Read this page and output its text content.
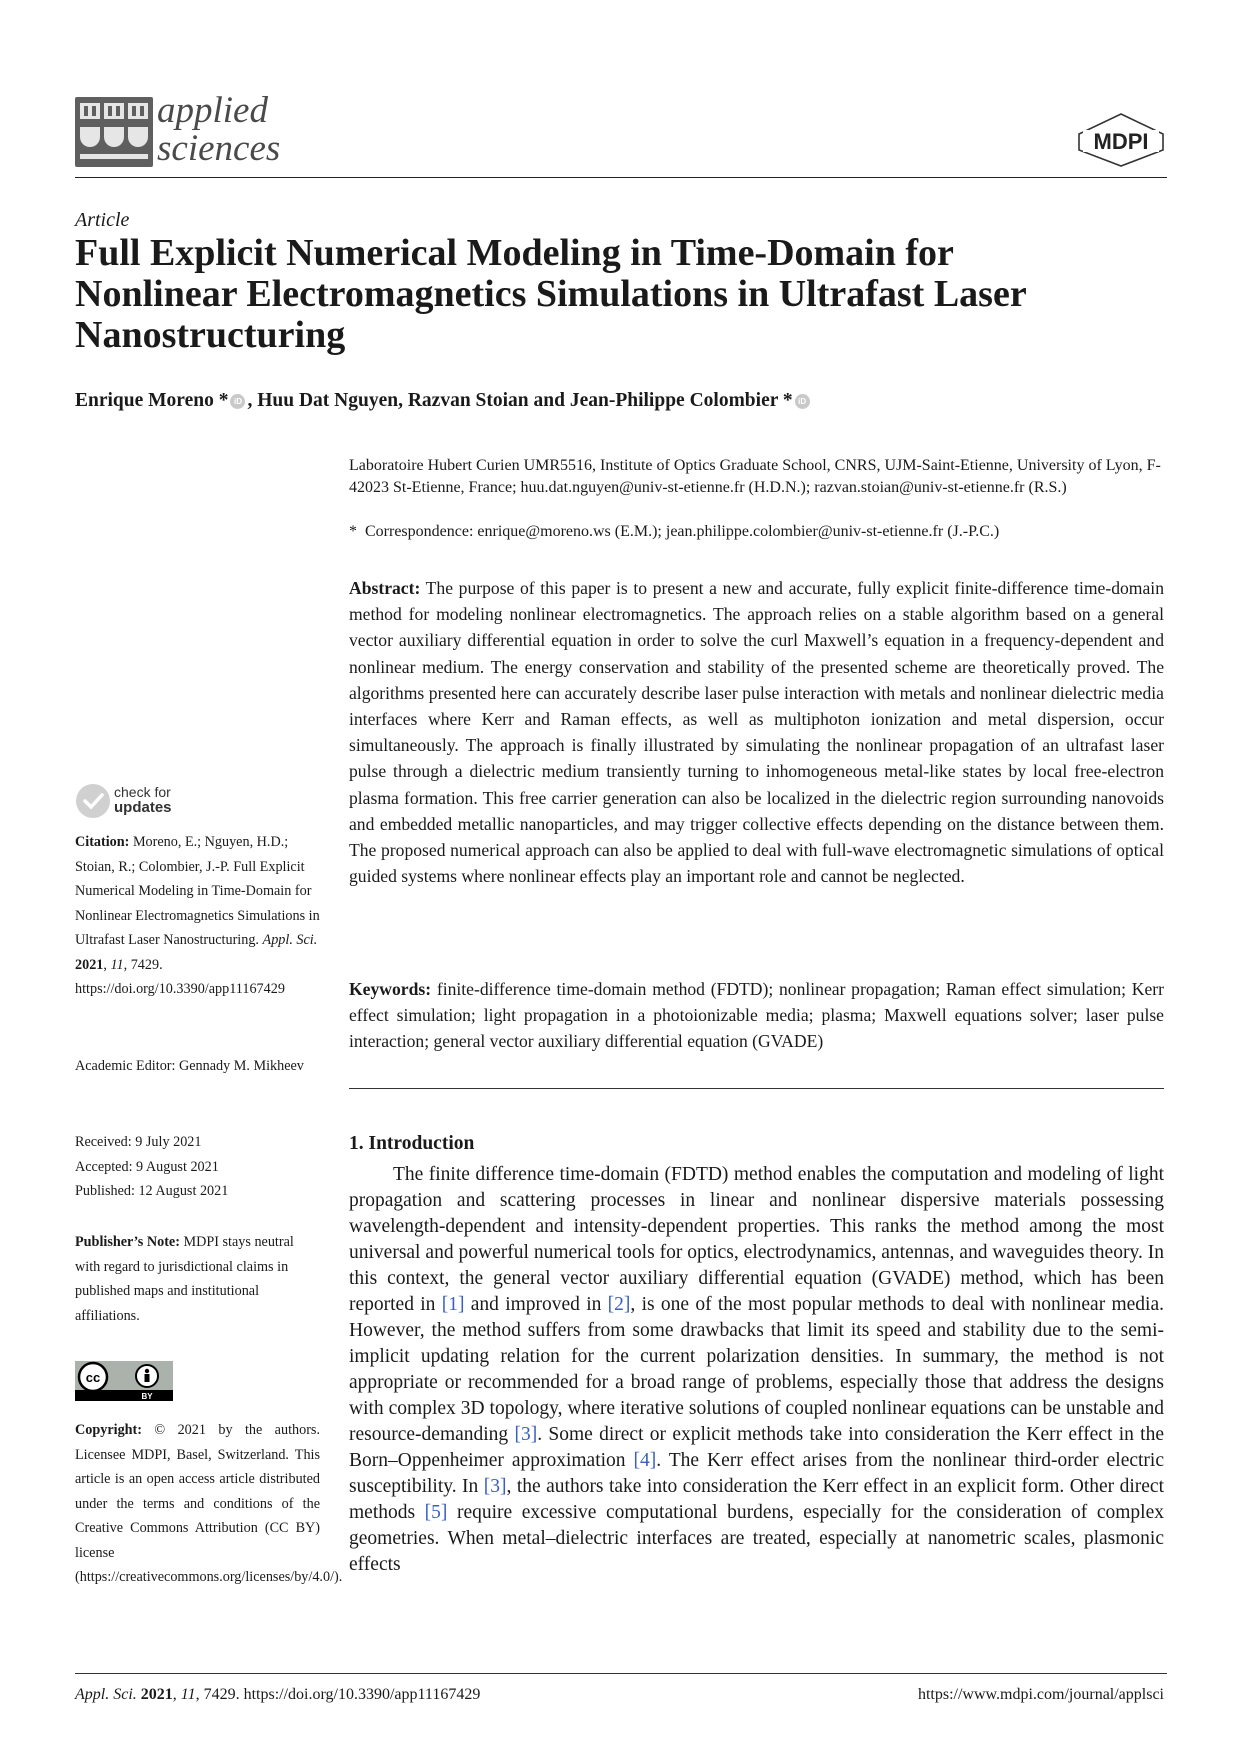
applied
sciences	MDPI
Article
Full Explicit Numerical Modeling in Time-Domain for Nonlinear Electromagnetics Simulations in Ultrafast Laser Nanostructuring
Enrique Moreno * iD , Huu Dat Nguyen, Razvan Stoian and Jean-Philippe Colombier * iD

Laboratoire Hubert Curien UMR5516, Institute of Optics Graduate School, CNRS, UJM-Saint-Etienne, University of Lyon, F-42023 St-Etienne, France; huu.dat.nguyen@univ-st-etienne.fr (H.D.N.); razvan.stoian@univ-st-etienne.fr (R.S.)

* Correspondence: enrique@moreno.ws (E.M.); jean.philippe.colombier@univ-st-etienne.fr (J.-P.C.)
Abstract: The purpose of this paper is to present a new and accurate, fully explicit finite-difference time-domain method for modeling nonlinear electromagnetics. The approach relies on a stable algorithm based on a general vector auxiliary differential equation in order to solve the curl Maxwell’s equation in a frequency-dependent and nonlinear medium. The energy conservation and stability of the presented scheme are theoretically proved. The algorithms presented here can accurately describe laser pulse interaction with metals and nonlinear dielectric media interfaces where Kerr and Raman effects, as well as multiphoton ionization and metal dispersion, occur simultaneously. The approach is finally illustrated by simulating the nonlinear propagation of an ultrafast laser pulse through a dielectric medium transiently turning to inhomogeneous metal-like states by local free-electron plasma formation. This free carrier generation can also be localized in the dielectric region surrounding nanovoids and embedded metallic nanoparticles, and may trigger collective effects depending on the distance between them. The proposed numerical approach can also be applied to deal with full-wave electromagnetic simulations of optical guided systems where nonlinear effects play an important role and cannot be neglected.
Keywords: finite-difference time-domain method (FDTD); nonlinear propagation; Raman effect simulation; Kerr effect simulation; light propagation in a photoionizable media; plasma; Maxwell equations solver; laser pulse interaction; general vector auxiliary differential equation (GVADE)
1. Introduction
The finite difference time-domain (FDTD) method enables the computation and modeling of light propagation and scattering processes in linear and nonlinear dispersive materials possessing wavelength-dependent and intensity-dependent properties. This ranks the method among the most universal and powerful numerical tools for optics, electrodynamics, antennas, and waveguides theory. In this context, the general vector auxiliary differential equation (GVADE) method, which has been reported in [1] and improved in [2], is one of the most popular methods to deal with nonlinear media. However, the method suffers from some drawbacks that limit its speed and stability due to the semi-implicit updating relation for the current polarization densities. In summary, the method is not appropriate or recommended for a broad range of problems, especially those that address the designs with complex 3D topology, where iterative solutions of coupled nonlinear equations can be unstable and resource-demanding [3]. Some direct or explicit methods take into consideration the Kerr effect in the Born–Oppenheimer approximation [4]. The Kerr effect arises from the nonlinear third-order electric susceptibility. In [3], the authors take into consideration the Kerr effect in an explicit form. Other direct methods [5] require excessive computational burdens, especially for the consideration of complex geometries. When metal–dielectric interfaces are treated, especially at nanometric scales, plasmonic effects
check for
updates
Citation: Moreno, E.; Nguyen, H.D.; Stoian, R.; Colombier, J.-P. Full Explicit Numerical Modeling in Time-Domain for Nonlinear Electromagnetics Simulations in Ultrafast Laser Nanostructuring. Appl. Sci. 2021, 11, 7429. https://doi.org/10.3390/app11167429
Academic Editor: Gennady M. Mikheev
Received: 9 July 2021
Accepted: 9 August 2021
Published: 12 August 2021
Publisher’s Note: MDPI stays neutral with regard to jurisdictional claims in published maps and institutional affiliations.
cc
BY
Copyright: © 2021 by the authors. Licensee MDPI, Basel, Switzerland. This article is an open access article distributed under the terms and conditions of the Creative Commons Attribution (CC BY) license (https://creativecommons.org/licenses/by/4.0/).
Appl. Sci. 2021, 11, 7429. https://doi.org/10.3390/app11167429	https://www.mdpi.com/journal/applsci
